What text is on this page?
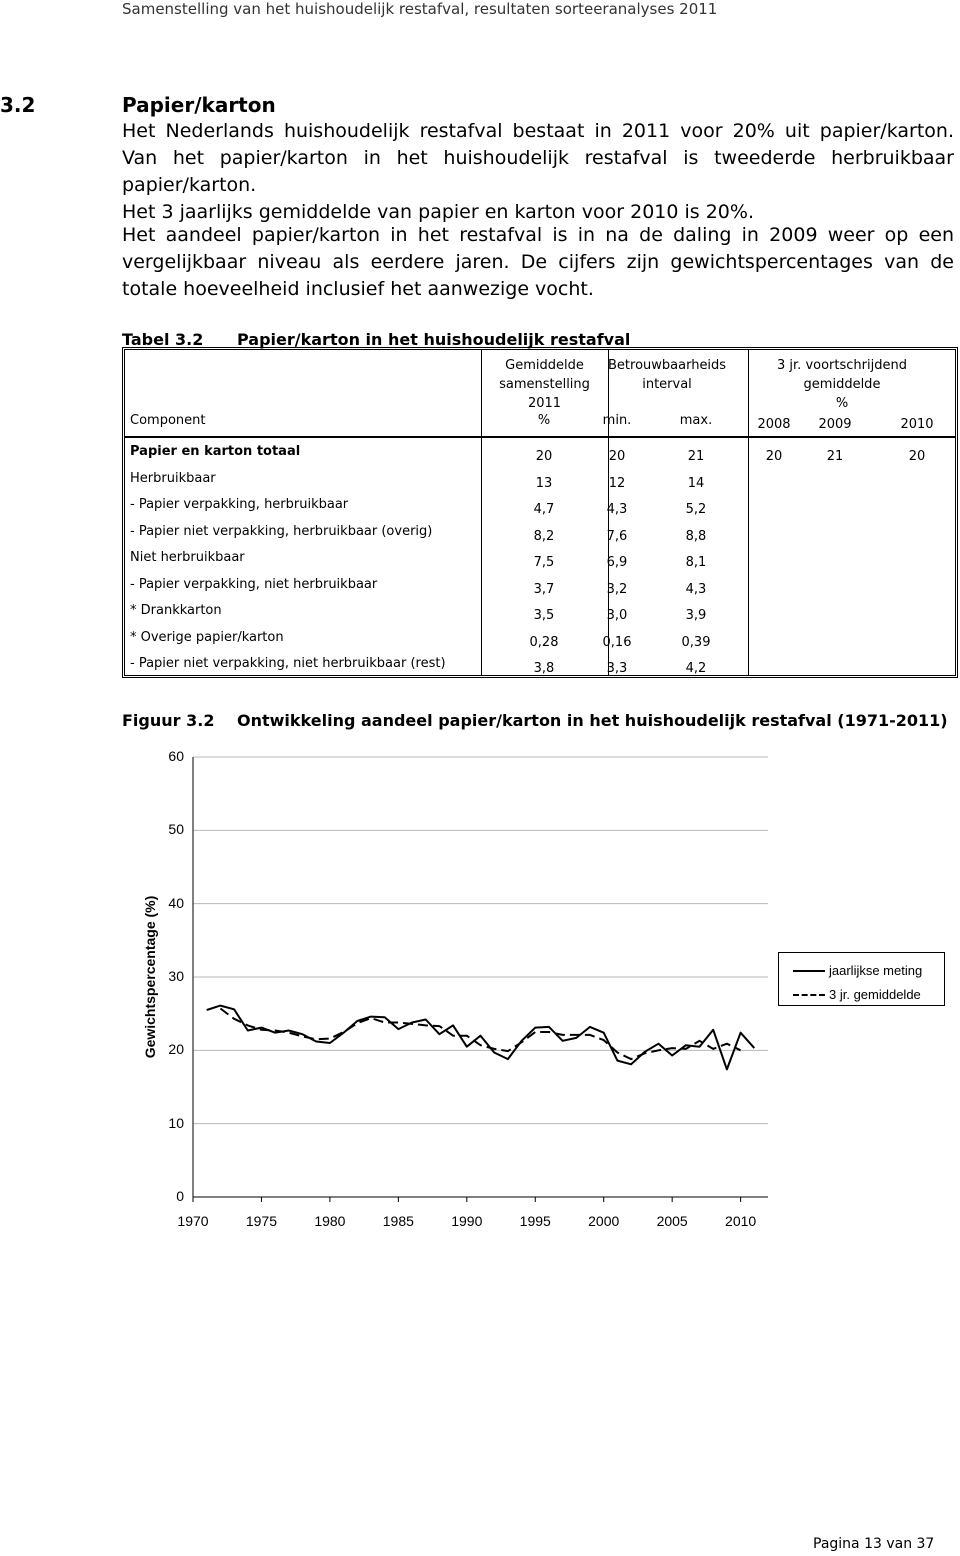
Samenstelling van het huishoudelijk restafval, resultaten sorteeranalyses 2011
3.2	Papier/karton
Het Nederlands huishoudelijk restafval bestaat in 2011 voor 20% uit papier/karton. Van het papier/karton in het huishoudelijk restafval is tweederde herbruikbaar papier/karton.
Het 3 jaarlijks gemiddelde van papier en karton voor 2010 is 20%.
Het aandeel papier/karton in het restafval is in na de daling in 2009 weer op een vergelijkbaar niveau als eerdere jaren. De cijfers zijn gewichtspercentages van de totale hoeveelheid inclusief het aanwezige vocht.
Tabel 3.2 Papier/karton in het huishoudelijk restafval
Gemiddelde
samenstelling
2011
Betrouwbaarheids
interval
3 jr. voortschrijdend
gemiddelde
%
Component	%	min.	max.	2008	2009	2010
Papier en karton totaal	20	20	21	20	21	20
Herbruikbaar	13	12	14
- Papier verpakking, herbruikbaar	4,7	4,3	5,2
- Papier niet verpakking, herbruikbaar (overig)	8,2	7,6	8,8
Niet herbruikbaar	7,5	6,9	8,1
- Papier verpakking, niet herbruikbaar	3,7	3,2	4,3
* Drankkarton	3,5	3,0	3,9
* Overige papier/karton	0,28	0,16	0,39
- Papier niet verpakking, niet herbruikbaar (rest)	3,8	3,3	4,2
Figuur 3.2 Ontwikkeling aandeel papier/karton in het huishoudelijk restafval (1971-2011)
Gewichtspercentage (%)
0
10
20
30
40
50
60
1970	1975	1980	1985	1990	1995	2000	2005	2010
jaarlijkse meting
3 jr. gemiddelde
Pagina 13 van 37
